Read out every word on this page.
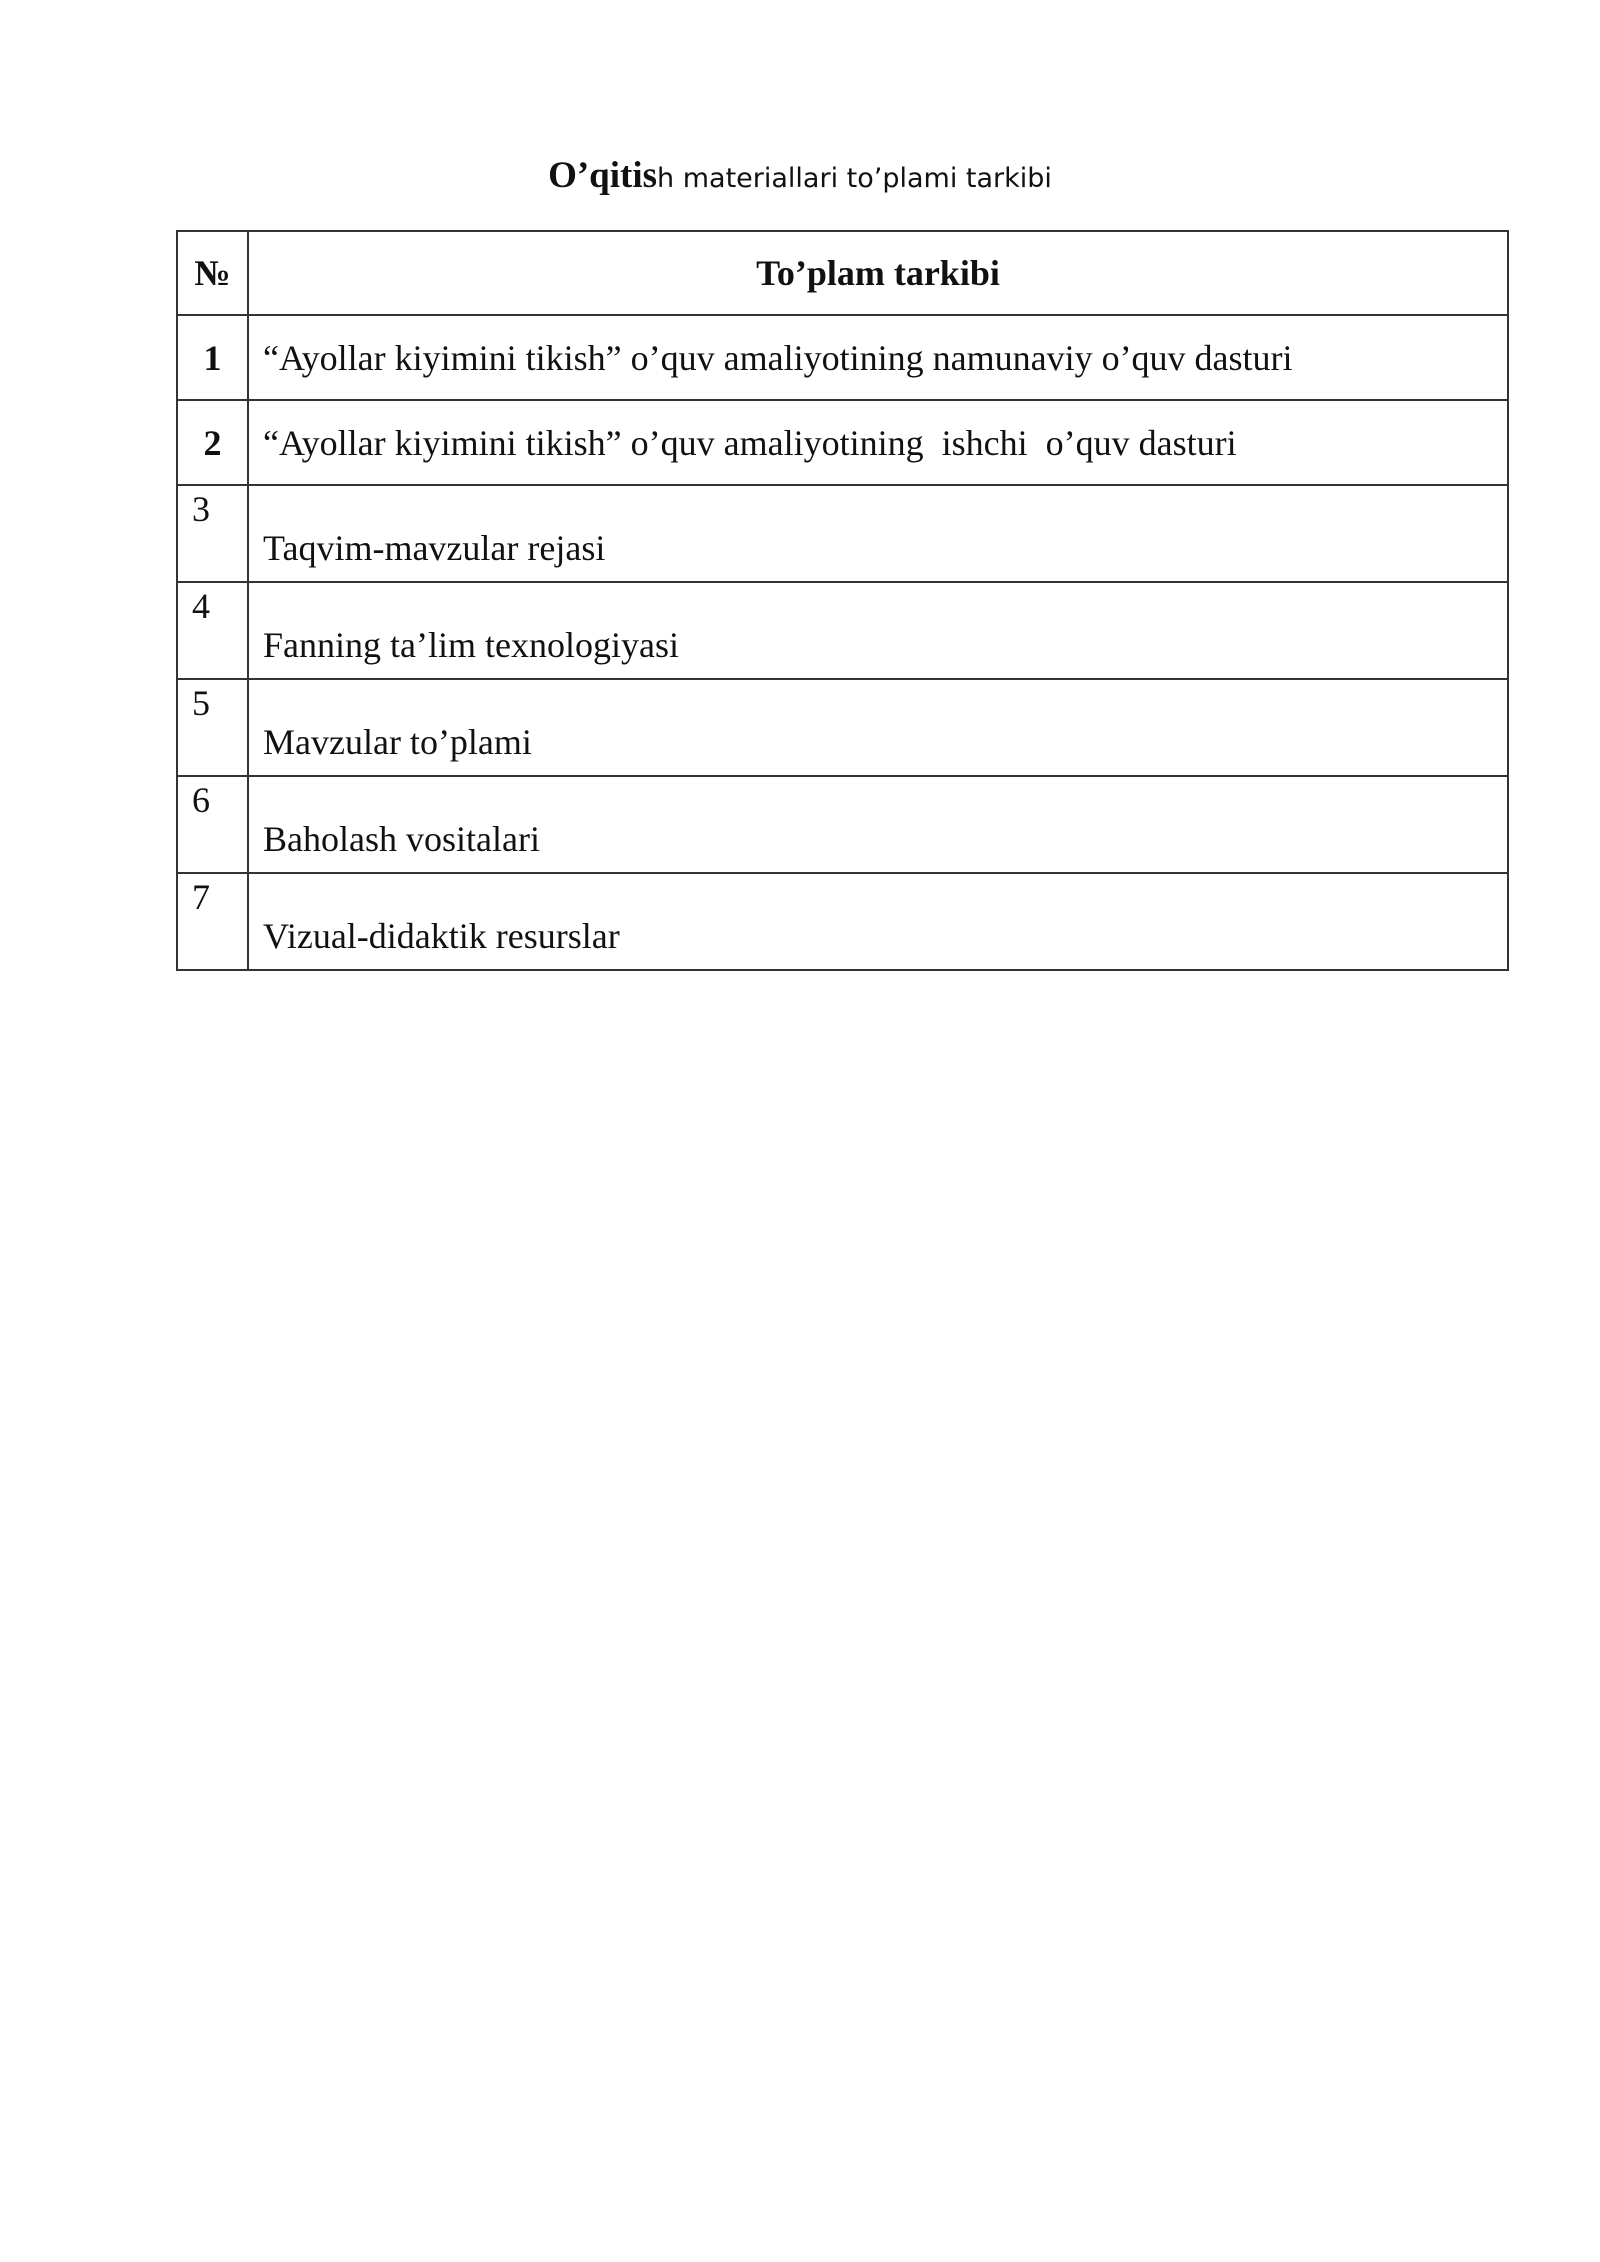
O’qitish materiallari to’plami tarkibi
№	To’plam tarkibi
1	“Ayollar kiyimini tikish” o’quv amaliyotining namunaviy o’quv dasturi
2	“Ayollar kiyimini tikish” o’quv amaliyotining  ishchi  o’quv dasturi
3	Taqvim-mavzular rejasi
4	Fanning ta’lim texnologiyasi
5	Mavzular to’plami
6	Baholash vositalari
7	Vizual-didaktik resurslar
